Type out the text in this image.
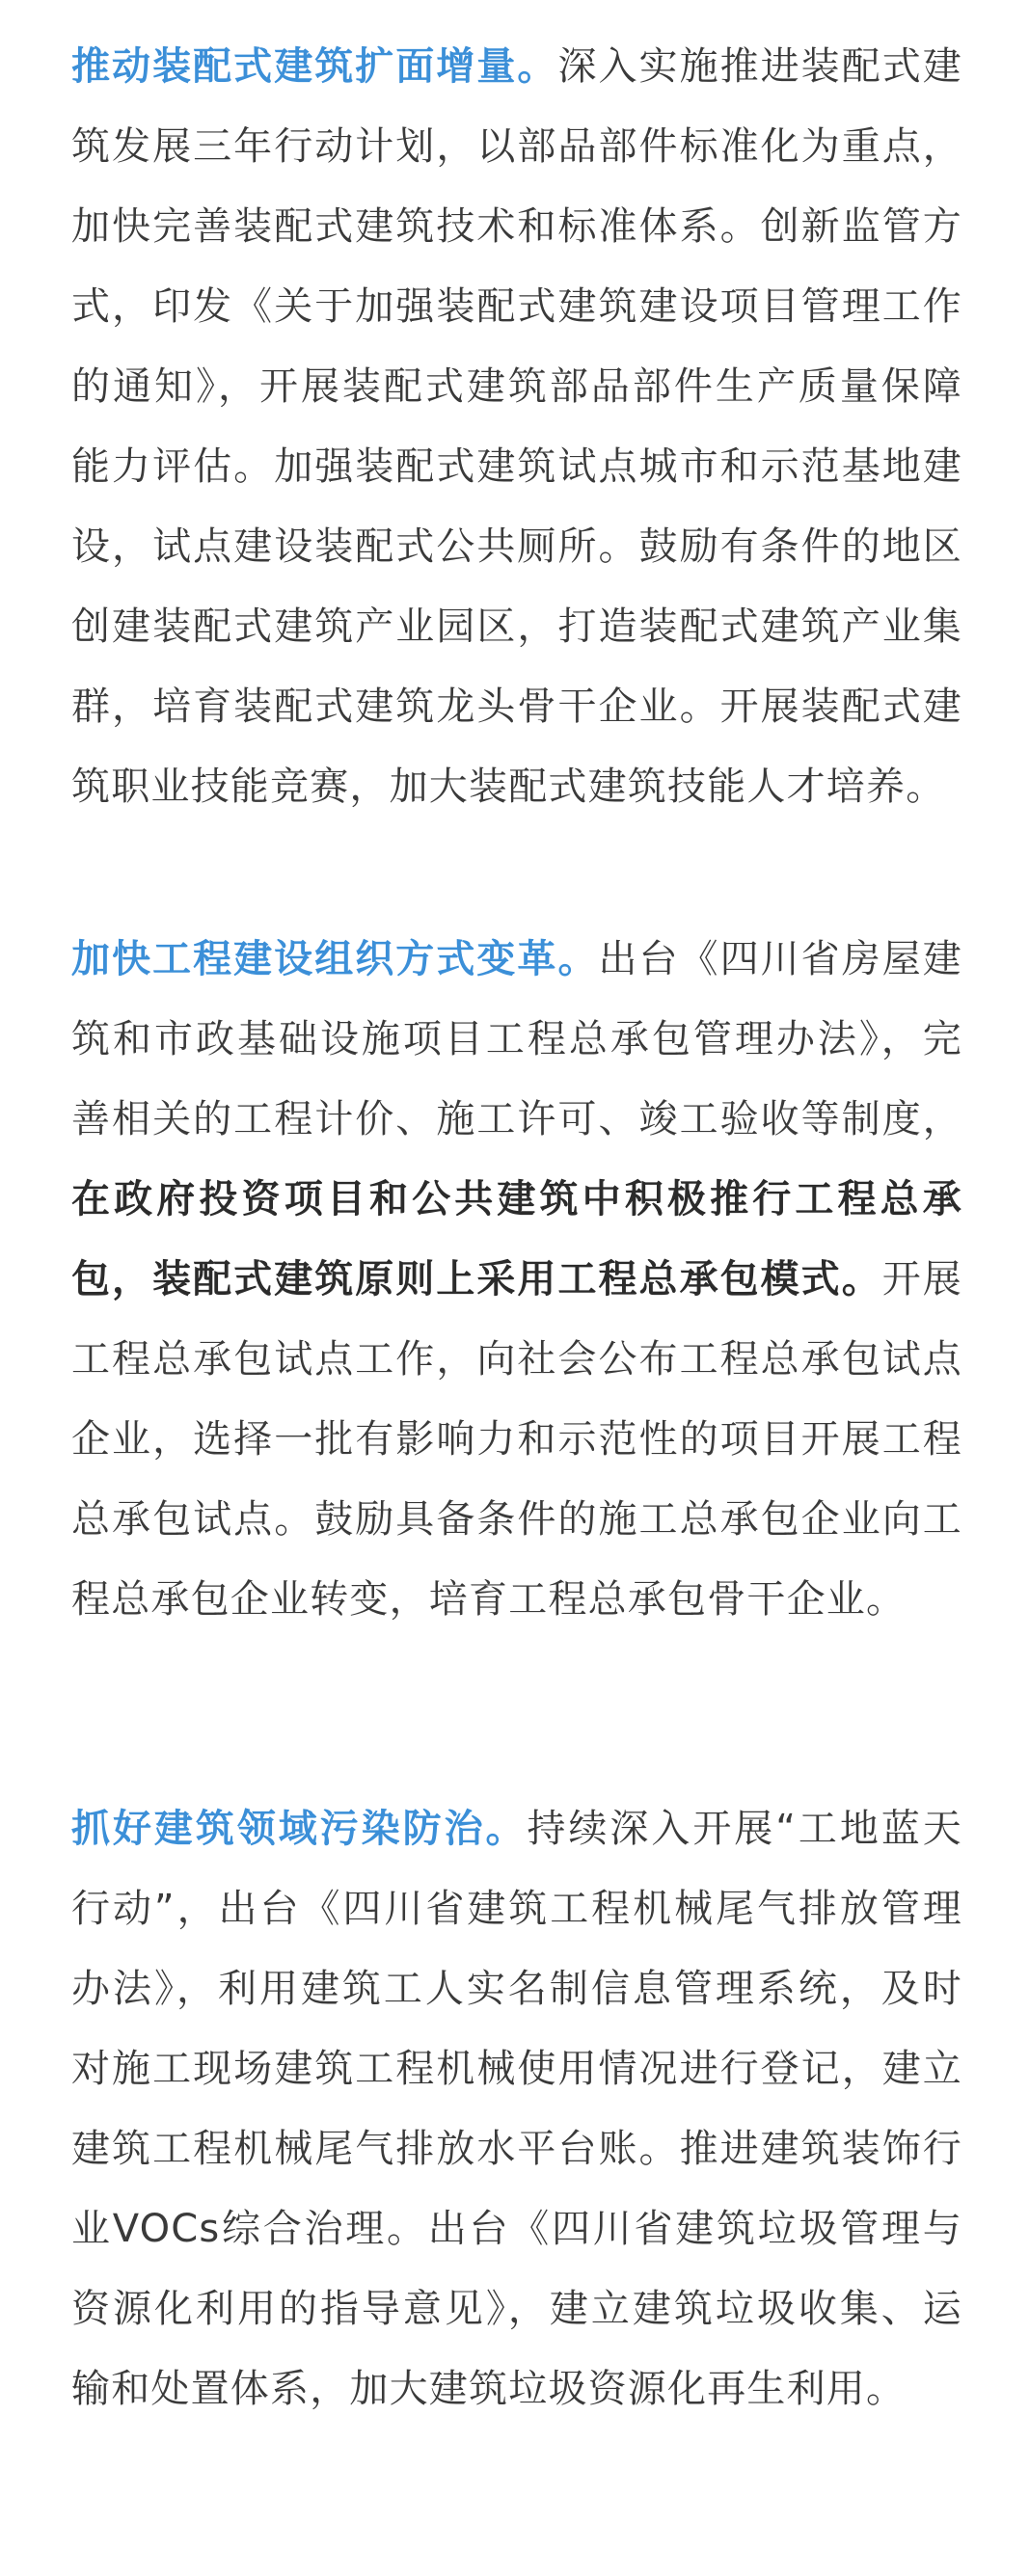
推动装配式建筑扩面增量。深入实施推进装配式建筑发展三年行动计划，以部品部件标准化为重点，加快完善装配式建筑技术和标准体系。创新监管方式，印发《关于加强装配式建筑建设项目管理工作的通知》，开展装配式建筑部品部件生产质量保障能力评估。加强装配式建筑试点城市和示范基地建设，试点建设装配式公共厕所。鼓励有条件的地区创建装配式建筑产业园区，打造装配式建筑产业集群，培育装配式建筑龙头骨干企业。开展装配式建筑职业技能竞赛，加大装配式建筑技能人才培养。

加快工程建设组织方式变革。出台《四川省房屋建筑和市政基础设施项目工程总承包管理办法》，完善相关的工程计价、施工许可、竣工验收等制度，在政府投资项目和公共建筑中积极推行工程总承包，装配式建筑原则上采用工程总承包模式。开展工程总承包试点工作，向社会公布工程总承包试点企业，选择一批有影响力和示范性的项目开展工程总承包试点。鼓励具备条件的施工总承包企业向工程总承包企业转变，培育工程总承包骨干企业。

抓好建筑领域污染防治。持续深入开展“工地蓝天行动”，出台《四川省建筑工程机械尾气排放管理办法》，利用建筑工人实名制信息管理系统，及时对施工现场建筑工程机械使用情况进行登记，建立建筑工程机械尾气排放水平台账。推进建筑装饰行业VOCs综合治理。出台《四川省建筑垃圾管理与资源化利用的指导意见》，建立建筑垃圾收集、运输和处置体系，加大建筑垃圾资源化再生利用。
